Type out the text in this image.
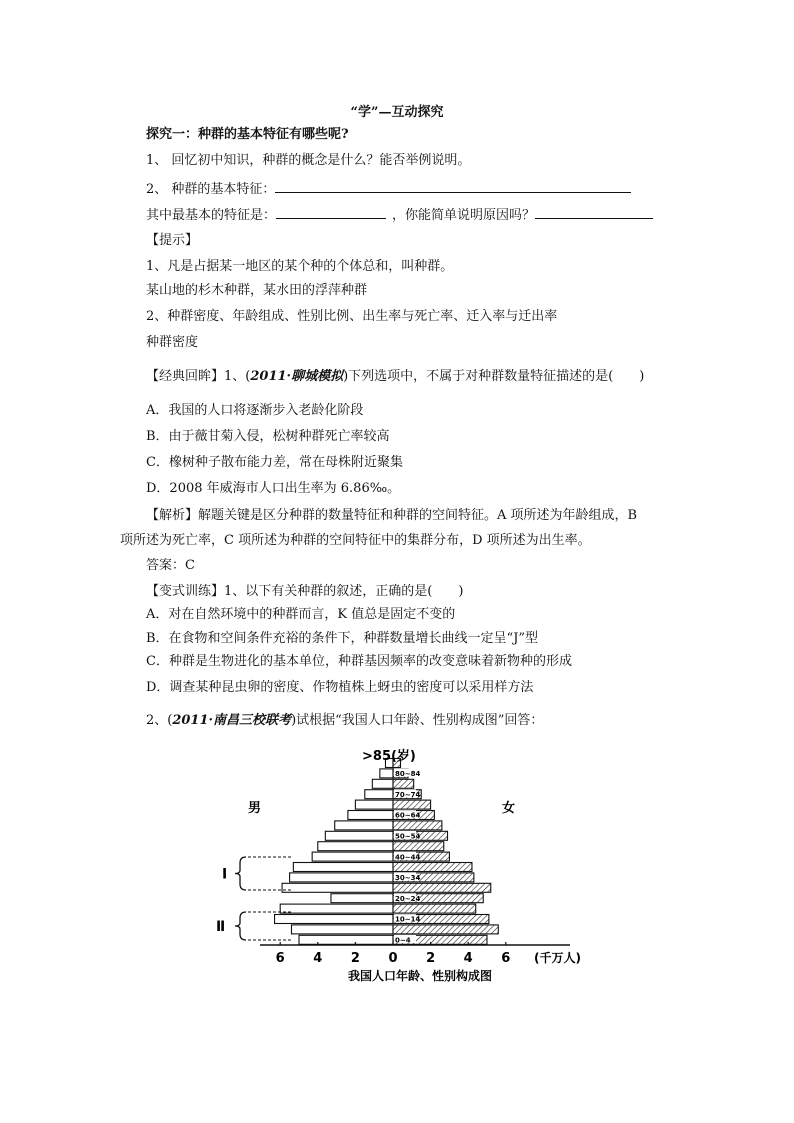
“学”—互动探究
探究一：种群的基本特征有哪些呢?
1、 回忆初中知识，种群的概念是什么？能否举例说明。
2、 种群的基本特征：
其中最基本的特征是：	，你能简单说明原因吗？
【提示】
1、凡是占据某一地区的某个种的个体总和，叫种群。
某山地的杉木种群，某水田的浮萍种群
2、种群密度、年龄组成、性别比例、出生率与死亡率、迁入率与迁出率
种群密度
【经典回眸】1、(2011·聊城模拟)下列选项中，不属于对种群数量特征描述的是(　　)
A．我国的人口将逐渐步入老龄化阶段
B．由于薇甘菊入侵，松树种群死亡率较高
C．橡树种子散布能力差，常在母株附近聚集
D．2008 年威海市人口出生率为 6.86‰。
【解析】解题关键是区分种群的数量特征和种群的空间特征。A 项所述为年龄组成，B
项所述为死亡率，C 项所述为种群的空间特征中的集群分布，D 项所述为出生率。
答案：C
【变式训练】1、以下有关种群的叙述，正确的是(　　)
A．对在自然环境中的种群而言，K 值总是固定不变的
B．在食物和空间条件充裕的条件下，种群数量增长曲线一定呈“J”型
C．种群是生物进化的基本单位，种群基因频率的改变意味着新物种的形成
D．调查某种昆虫卵的密度、作物植株上蚜虫的密度可以采用样方法
2、(2011·南昌三校联考)试根据“我国人口年龄、性别构成图”回答：
0~4
10~14
20~24
30~34
40~44
50~54
60~64
70~74
80~84
6 4 2 0 2 4 6
Ⅰ
Ⅱ
>85(岁)
男	女
(千万人)
我国人口年龄、性别构成图
